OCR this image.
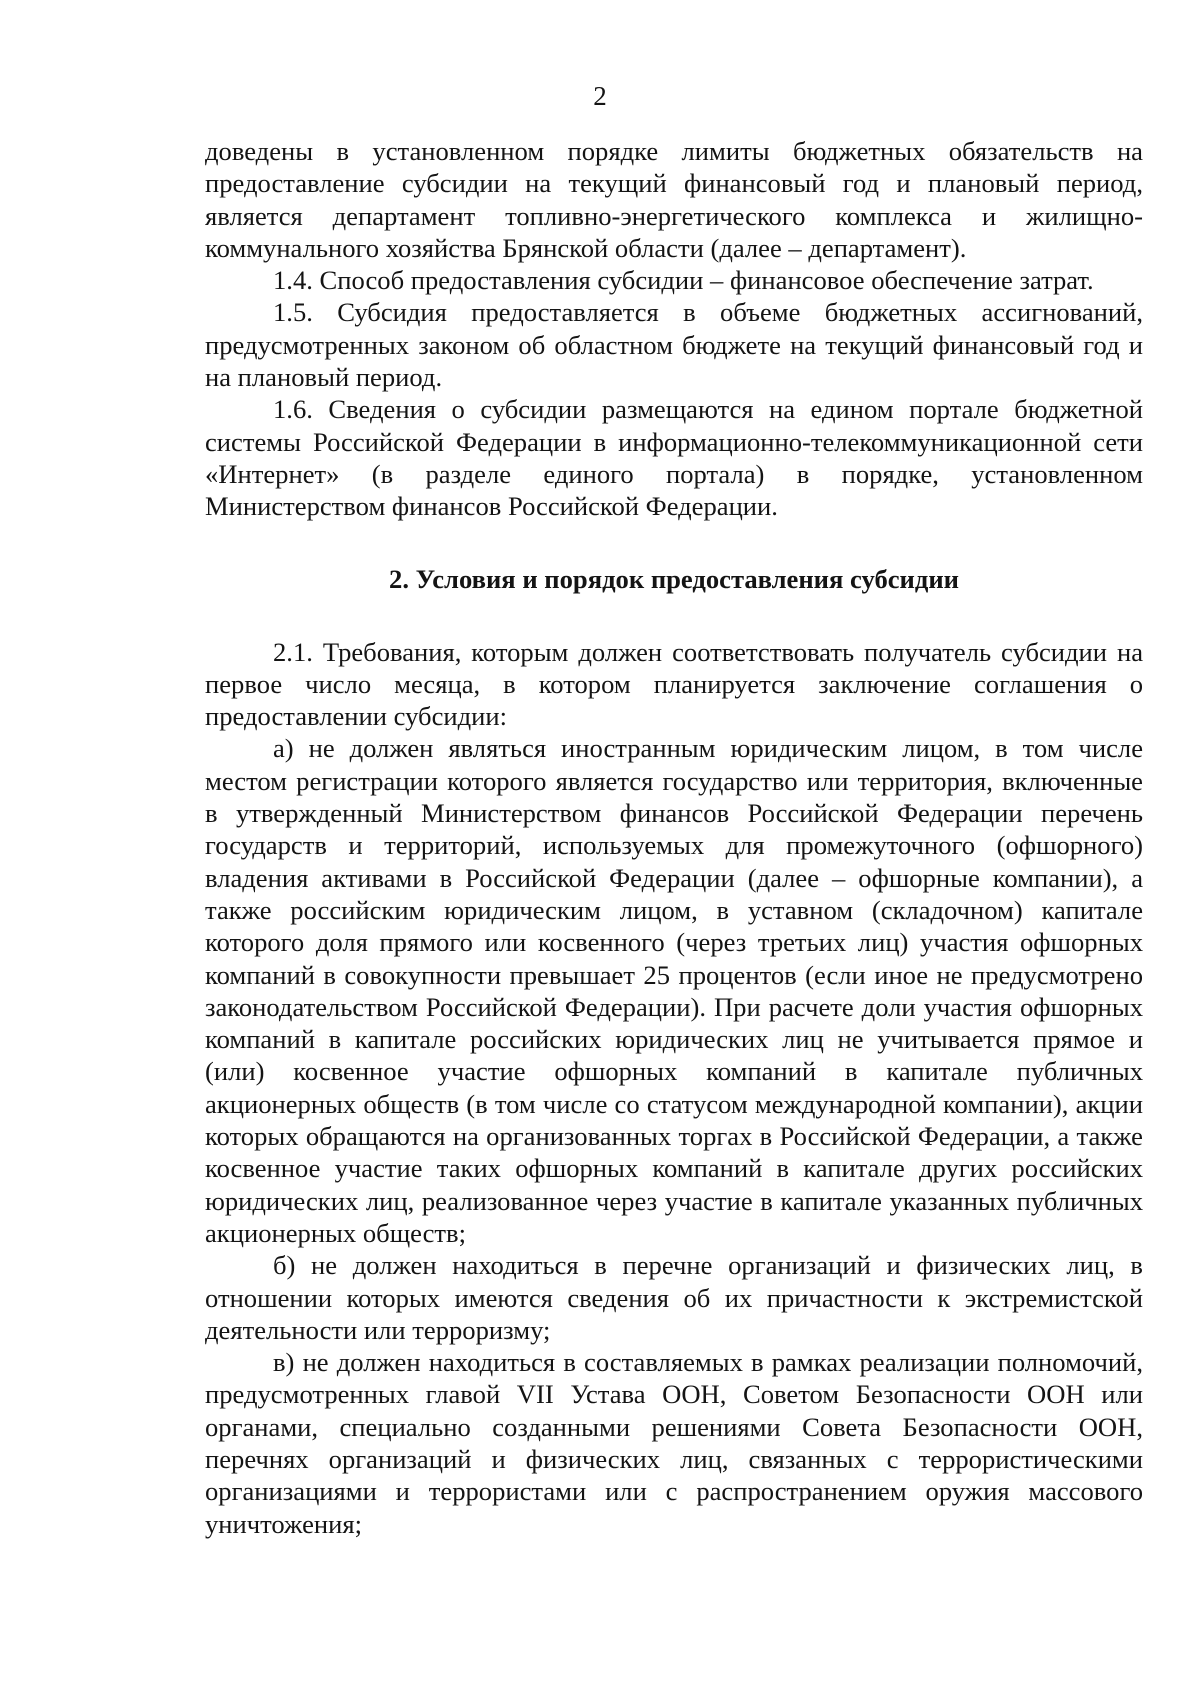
2

доведены в установленном порядке лимиты бюджетных обязательств на предоставление субсидии на текущий финансовый год и плановый период, является департамент топливно-энергетического комплекса и жилищно-коммунального хозяйства Брянской области (далее – департамент).

1.4. Способ предоставления субсидии – финансовое обеспечение затрат.

1.5. Субсидия предоставляется в объеме бюджетных ассигнований, предусмотренных законом об областном бюджете на текущий финансовый год и на плановый период.

1.6. Сведения о субсидии размещаются на едином портале бюджетной системы Российской Федерации в информационно-телекоммуникационной сети «Интернет» (в разделе единого портала) в порядке, установленном Министерством финансов Российской Федерации.

2. Условия и порядок предоставления субсидии

2.1. Требования, которым должен соответствовать получатель субсидии на первое число месяца, в котором планируется заключение соглашения о предоставлении субсидии:

а) не должен являться иностранным юридическим лицом, в том числе местом регистрации которого является государство или территория, включенные в утвержденный Министерством финансов Российской Федерации перечень государств и территорий, используемых для промежуточного (офшорного) владения активами в Российской Федерации (далее – офшорные компании), а также российским юридическим лицом, в уставном (складочном) капитале которого доля прямого или косвенного (через третьих лиц) участия офшорных компаний в совокупности превышает 25 процентов (если иное не предусмотрено законодательством Российской Федерации). При расчете доли участия офшорных компаний в капитале российских юридических лиц не учитывается прямое и (или) косвенное участие офшорных компаний в капитале публичных акционерных обществ (в том числе со статусом международной компании), акции которых обращаются на организованных торгах в Российской Федерации, а также косвенное участие таких офшорных компаний в капитале других российских юридических лиц, реализованное через участие в капитале указанных публичных акционерных обществ;

б) не должен находиться в перечне организаций и физических лиц, в отношении которых имеются сведения об их причастности к экстремистской деятельности или терроризму;

в) не должен находиться в составляемых в рамках реализации полномочий, предусмотренных главой VII Устава ООН, Советом Безопасности ООН или органами, специально созданными решениями Совета Безопасности ООН, перечнях организаций и физических лиц, связанных с террористическими организациями и террористами или с распространением оружия массового уничтожения;
